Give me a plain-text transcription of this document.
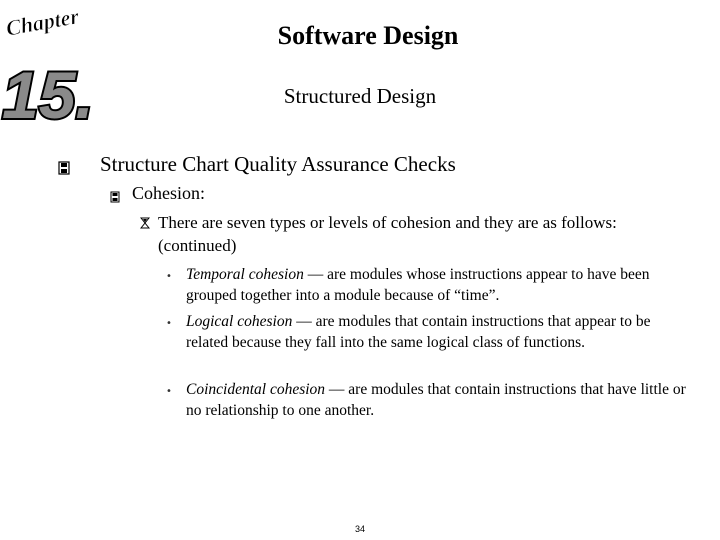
Chapter
15.
Software Design
Structured Design
Structure Chart Quality Assurance Checks
Cohesion:
There are seven types or levels of cohesion and they are as follows: (continued)
• Temporal cohesion — are modules whose instructions appear to have been grouped together into a module because of “time”.
• Logical cohesion — are modules that contain instructions that appear to be related because they fall into the same logical class of functions.
• Coincidental cohesion — are modules that contain instructions that have little or no relationship to one another.
34
